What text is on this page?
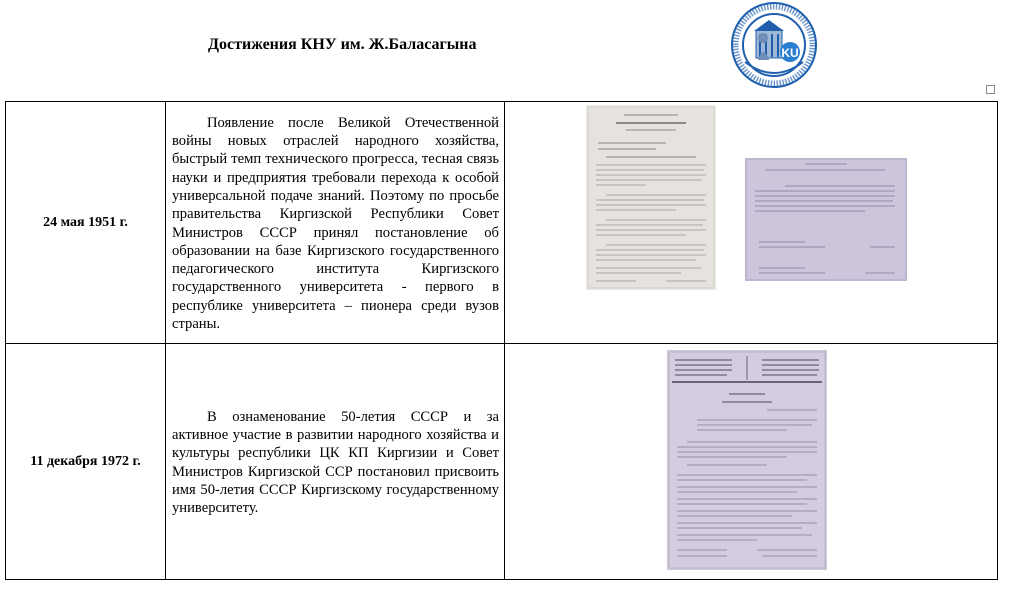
Достижения КНУ им. Ж.Баласагына	KU
24 мая 1951 г.	Появление после Великой Отечественной войны новых отраслей народного хозяйства, быстрый темп технического прогресса, тесная связь науки и предприятия требовали перехода к особой универсальной подаче знаний. Поэтому по просьбе правительства Киргизской Республики Совет Министров СССР принял постановление об образовании на базе Киргизского государственного педагогического института Киргизского государственного университета - первого в республике университета – пионера среди вузов страны.

11 декабря 1972 г.	В ознаменование 50-летия СССР и за активное участие в развитии народного хозяйства и культуры республики ЦК КП Киргизии и Совет Министров Киргизской ССР постановил присвоить имя 50-летия СССР Киргизскому государственному университету.
